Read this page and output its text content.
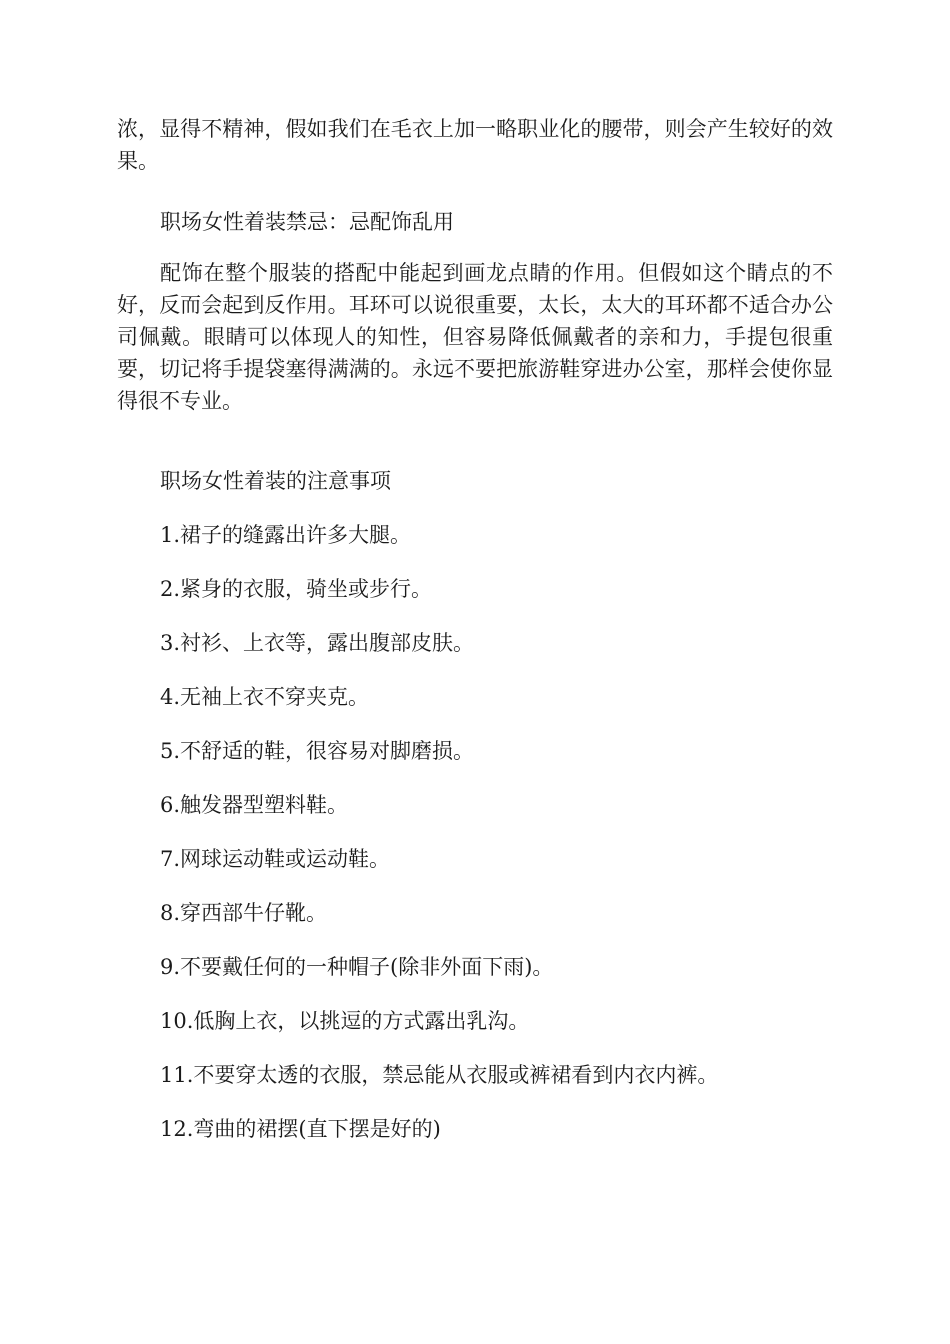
浓，显得不精神，假如我们在毛衣上加一略职业化的腰带，则会产生较好的效果。
职场女性着装禁忌：忌配饰乱用
配饰在整个服装的搭配中能起到画龙点睛的作用。但假如这个睛点的不好，反而会起到反作用。耳环可以说很重要，太长，太大的耳环都不适合办公司佩戴。眼睛可以体现人的知性，但容易降低佩戴者的亲和力，手提包很重要，切记将手提袋塞得满满的。永远不要把旅游鞋穿进办公室，那样会使你显得很不专业。
职场女性着装的注意事项
1.裙子的缝露出许多大腿。
2.紧身的衣服，骑坐或步行。
3.衬衫、上衣等，露出腹部皮肤。
4.无袖上衣不穿夹克。
5.不舒适的鞋，很容易对脚磨损。
6.触发器型塑料鞋。
7.网球运动鞋或运动鞋。
8.穿西部牛仔靴。
9.不要戴任何的一种帽子(除非外面下雨)。
10.低胸上衣，以挑逗的方式露出乳沟。
11.不要穿太透的衣服，禁忌能从衣服或裤裙看到内衣内裤。
12.弯曲的裙摆(直下摆是好的)
